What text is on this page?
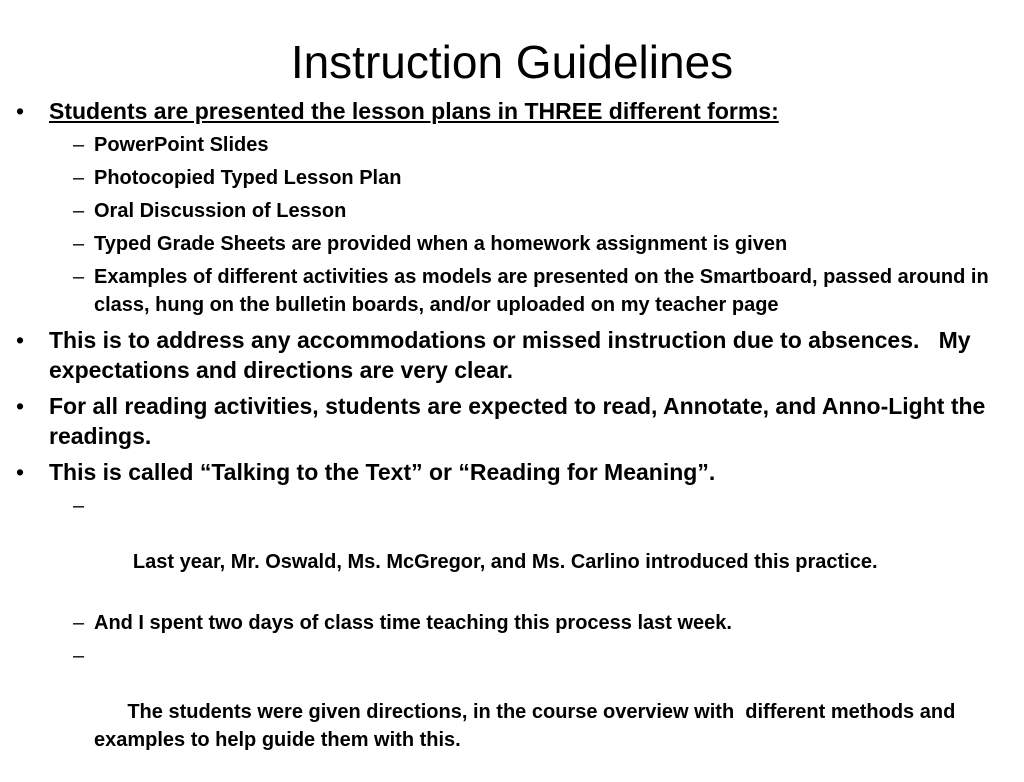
Instruction Guidelines
• Students are presented the lesson plans in THREE different forms:
– PowerPoint Slides
– Photocopied Typed Lesson Plan
– Oral Discussion of Lesson
– Typed Grade Sheets are provided when a homework assignment is given
– Examples of different activities as models are presented on the Smartboard, passed around in class, hung on the bulletin boards, and/or uploaded on my teacher page
• This is to address any accommodations or missed instruction due to absences.   My expectations and directions are very clear.
• For all reading activities, students are expected to read, Annotate, and Anno-Light the readings.
• This is called “Talking to the Text” or “Reading for Meaning”.

–

Last year, Mr. Oswald, Ms. McGregor, and Ms. Carlino introduced this practice.

– And I spent two days of class time teaching this process last week.

–

The students were given directions, in the course overview with  different methods and examples to help guide them with this.
